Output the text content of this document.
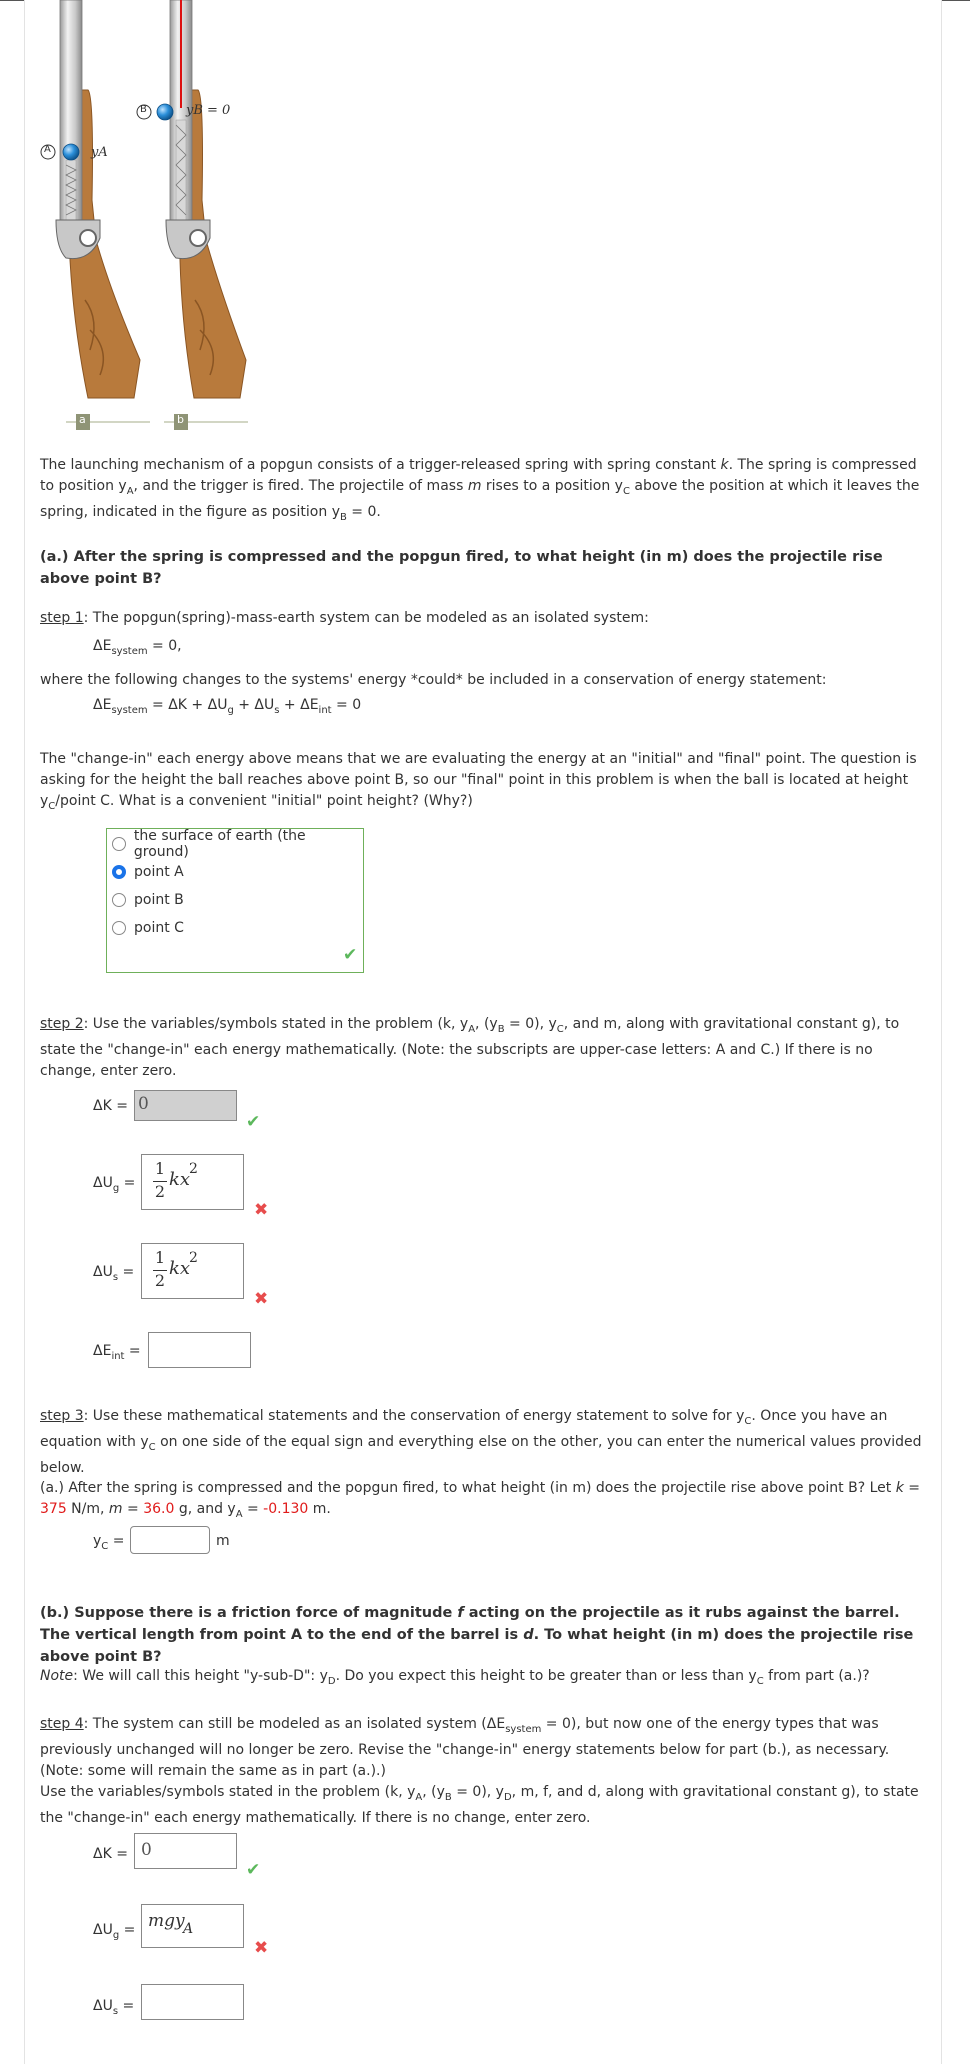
A
B
yA
yB = 0
a	b

The launching mechanism of a popgun consists of a trigger-released spring with spring constant k. The spring is compressed to position $y_A$, and the trigger is fired. The projectile of mass m rises to a position $y_C$ above the position at which it leaves the spring, indicated in the figure as position $y_B = 0$.

(a.) After the spring is compressed and the popgun fired, to what height (in m) does the projectile rise above point B?

step 1: The popgun(spring)-mass-earth system can be modeled as an isolated system:

$\Delta E_{system} = 0$,

where the following changes to the systems' energy *could* be included in a conservation of energy statement:

$\Delta E_{system} = \Delta K + \Delta U_g + \Delta U_s + \Delta E_{int} = 0$

The "change-in" each energy above means that we are evaluating the energy at an "initial" and "final" point. The question is asking for the height the ball reaches above point B, so our "final" point in this problem is when the ball is located at height $y_C$/point C. What is a convenient "initial" point height? (Why?)

the surface of earth (the ground)
point A
point B
point C
✔

step 2: Use the variables/symbols stated in the problem (k, $y_A$, $(y_B = 0)$, $y_C$, and m, along with gravitational constant g), to state the "change-in" each energy mathematically. (Note: the subscripts are upper-case letters: A and C.) If there is no change, enter zero.

ΔK = 0
✔
$\Delta U_g$ =
1
2
kx
2
✖
$\Delta U_s$ =
1
2
kx
2
✖
$\Delta E_{int}$ =

step 3: Use these mathematical statements and the conservation of energy statement to solve for $y_C$. Once you have an equation with $y_C$ on one side of the equal sign and everything else on the other, you can enter the numerical values provided below.

(a.) After the spring is compressed and the popgun fired, to what height (in m) does the projectile rise above point B? Let k = 375 N/m, m = 36.0 g, and $y_A = -0.130$ m.

$y_C$ =	m

(b.) Suppose there is a friction force of magnitude f acting on the projectile as it rubs against the barrel. The vertical length from point A to the end of the barrel is d. To what height (in m) does the projectile rise above point B?

Note: We will call this height "y-sub-D": $y_D$. Do you expect this height to be greater than or less than $y_C$ from part (a.)?

step 4: The system can still be modeled as an isolated system $(\Delta E_{system} = 0)$, but now one of the energy types that was previously unchanged will no longer be zero. Revise the "change-in" energy statements below for part (b.), as necessary. (Note: some will remain the same as in part (a.).)
Use the variables/symbols stated in the problem (k, $y_A$, $(y_B = 0)$, $y_D$, m, f, and d, along with gravitational constant g), to state the "change-in" each energy mathematically. If there is no change, enter zero.

ΔK = 0
✔
$\Delta U_g$ = mgy
A
✖
$\Delta U_s$ =
